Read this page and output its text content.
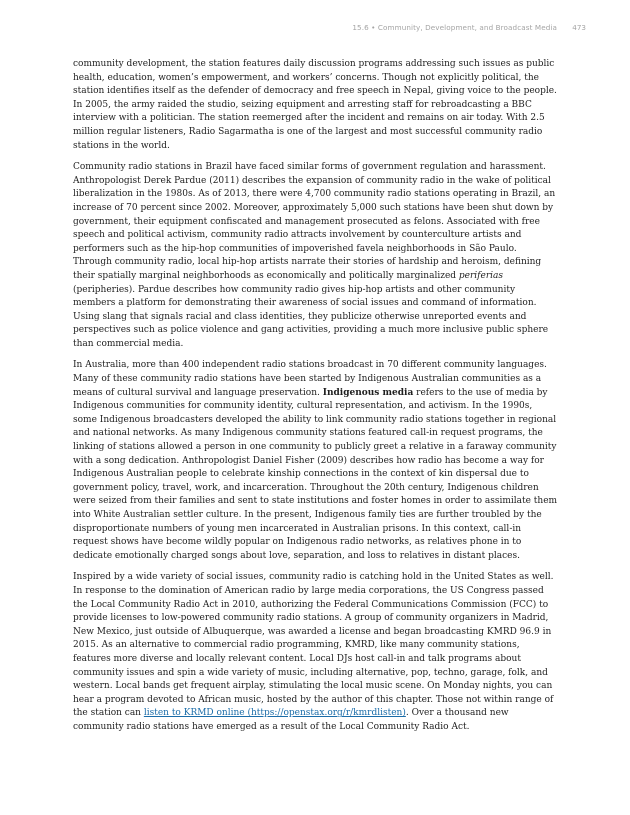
15.6 • Community, Development, and Broadcast Media 473

community development, the station features daily discussion programs addressing such issues as public health, education, women’s empowerment, and workers’ concerns. Though not explicitly political, the station identifies itself as the defender of democracy and free speech in Nepal, giving voice to the people. In 2005, the army raided the studio, seizing equipment and arresting staff for rebroadcasting a BBC interview with a politician. The station reemerged after the incident and remains on air today. With 2.5 million regular listeners, Radio Sagarmatha is one of the largest and most successful community radio stations in the world.

Community radio stations in Brazil have faced similar forms of government regulation and harassment. Anthropologist Derek Pardue (2011) describes the expansion of community radio in the wake of political liberalization in the 1980s. As of 2013, there were 4,700 community radio stations operating in Brazil, an increase of 70 percent since 2002. Moreover, approximately 5,000 such stations have been shut down by government, their equipment confiscated and management prosecuted as felons. Associated with free speech and political activism, community radio attracts involvement by counterculture artists and performers such as the hip-hop communities of impoverished favela neighborhoods in São Paulo. Through community radio, local hip-hop artists narrate their stories of hardship and heroism, defining their spatially marginal neighborhoods as economically and politically marginalized periferias (peripheries). Pardue describes how community radio gives hip-hop artists and other community members a platform for demonstrating their awareness of social issues and command of information. Using slang that signals racial and class identities, they publicize otherwise unreported events and perspectives such as police violence and gang activities, providing a much more inclusive public sphere than commercial media.

In Australia, more than 400 independent radio stations broadcast in 70 different community languages. Many of these community radio stations have been started by Indigenous Australian communities as a means of cultural survival and language preservation. Indigenous media refers to the use of media by Indigenous communities for community identity, cultural representation, and activism. In the 1990s, some Indigenous broadcasters developed the ability to link community radio stations together in regional and national networks. As many Indigenous community stations featured call-in request programs, the linking of stations allowed a person in one community to publicly greet a relative in a faraway community with a song dedication. Anthropologist Daniel Fisher (2009) describes how radio has become a way for Indigenous Australian people to celebrate kinship connections in the context of kin dispersal due to government policy, travel, work, and incarceration. Throughout the 20th century, Indigenous children were seized from their families and sent to state institutions and foster homes in order to assimilate them into White Australian settler culture. In the present, Indigenous family ties are further troubled by the disproportionate numbers of young men incarcerated in Australian prisons. In this context, call-in request shows have become wildly popular on Indigenous radio networks, as relatives phone in to dedicate emotionally charged songs about love, separation, and loss to relatives in distant places.

Inspired by a wide variety of social issues, community radio is catching hold in the United States as well. In response to the domination of American radio by large media corporations, the US Congress passed the Local Community Radio Act in 2010, authorizing the Federal Communications Commission (FCC) to provide licenses to low-powered community radio stations. A group of community organizers in Madrid, New Mexico, just outside of Albuquerque, was awarded a license and began broadcasting KMRD 96.9 in 2015. As an alternative to commercial radio programming, KMRD, like many community stations, features more diverse and locally relevant content. Local DJs host call-in and talk programs about community issues and spin a wide variety of music, including alternative, pop, techno, garage, folk, and western. Local bands get frequent airplay, stimulating the local music scene. On Monday nights, you can hear a program devoted to African music, hosted by the author of this chapter. Those not within range of the station can listen to KRMD online (https://openstax.org/r/kmrdlisten). Over a thousand new community radio stations have emerged as a result of the Local Community Radio Act.
